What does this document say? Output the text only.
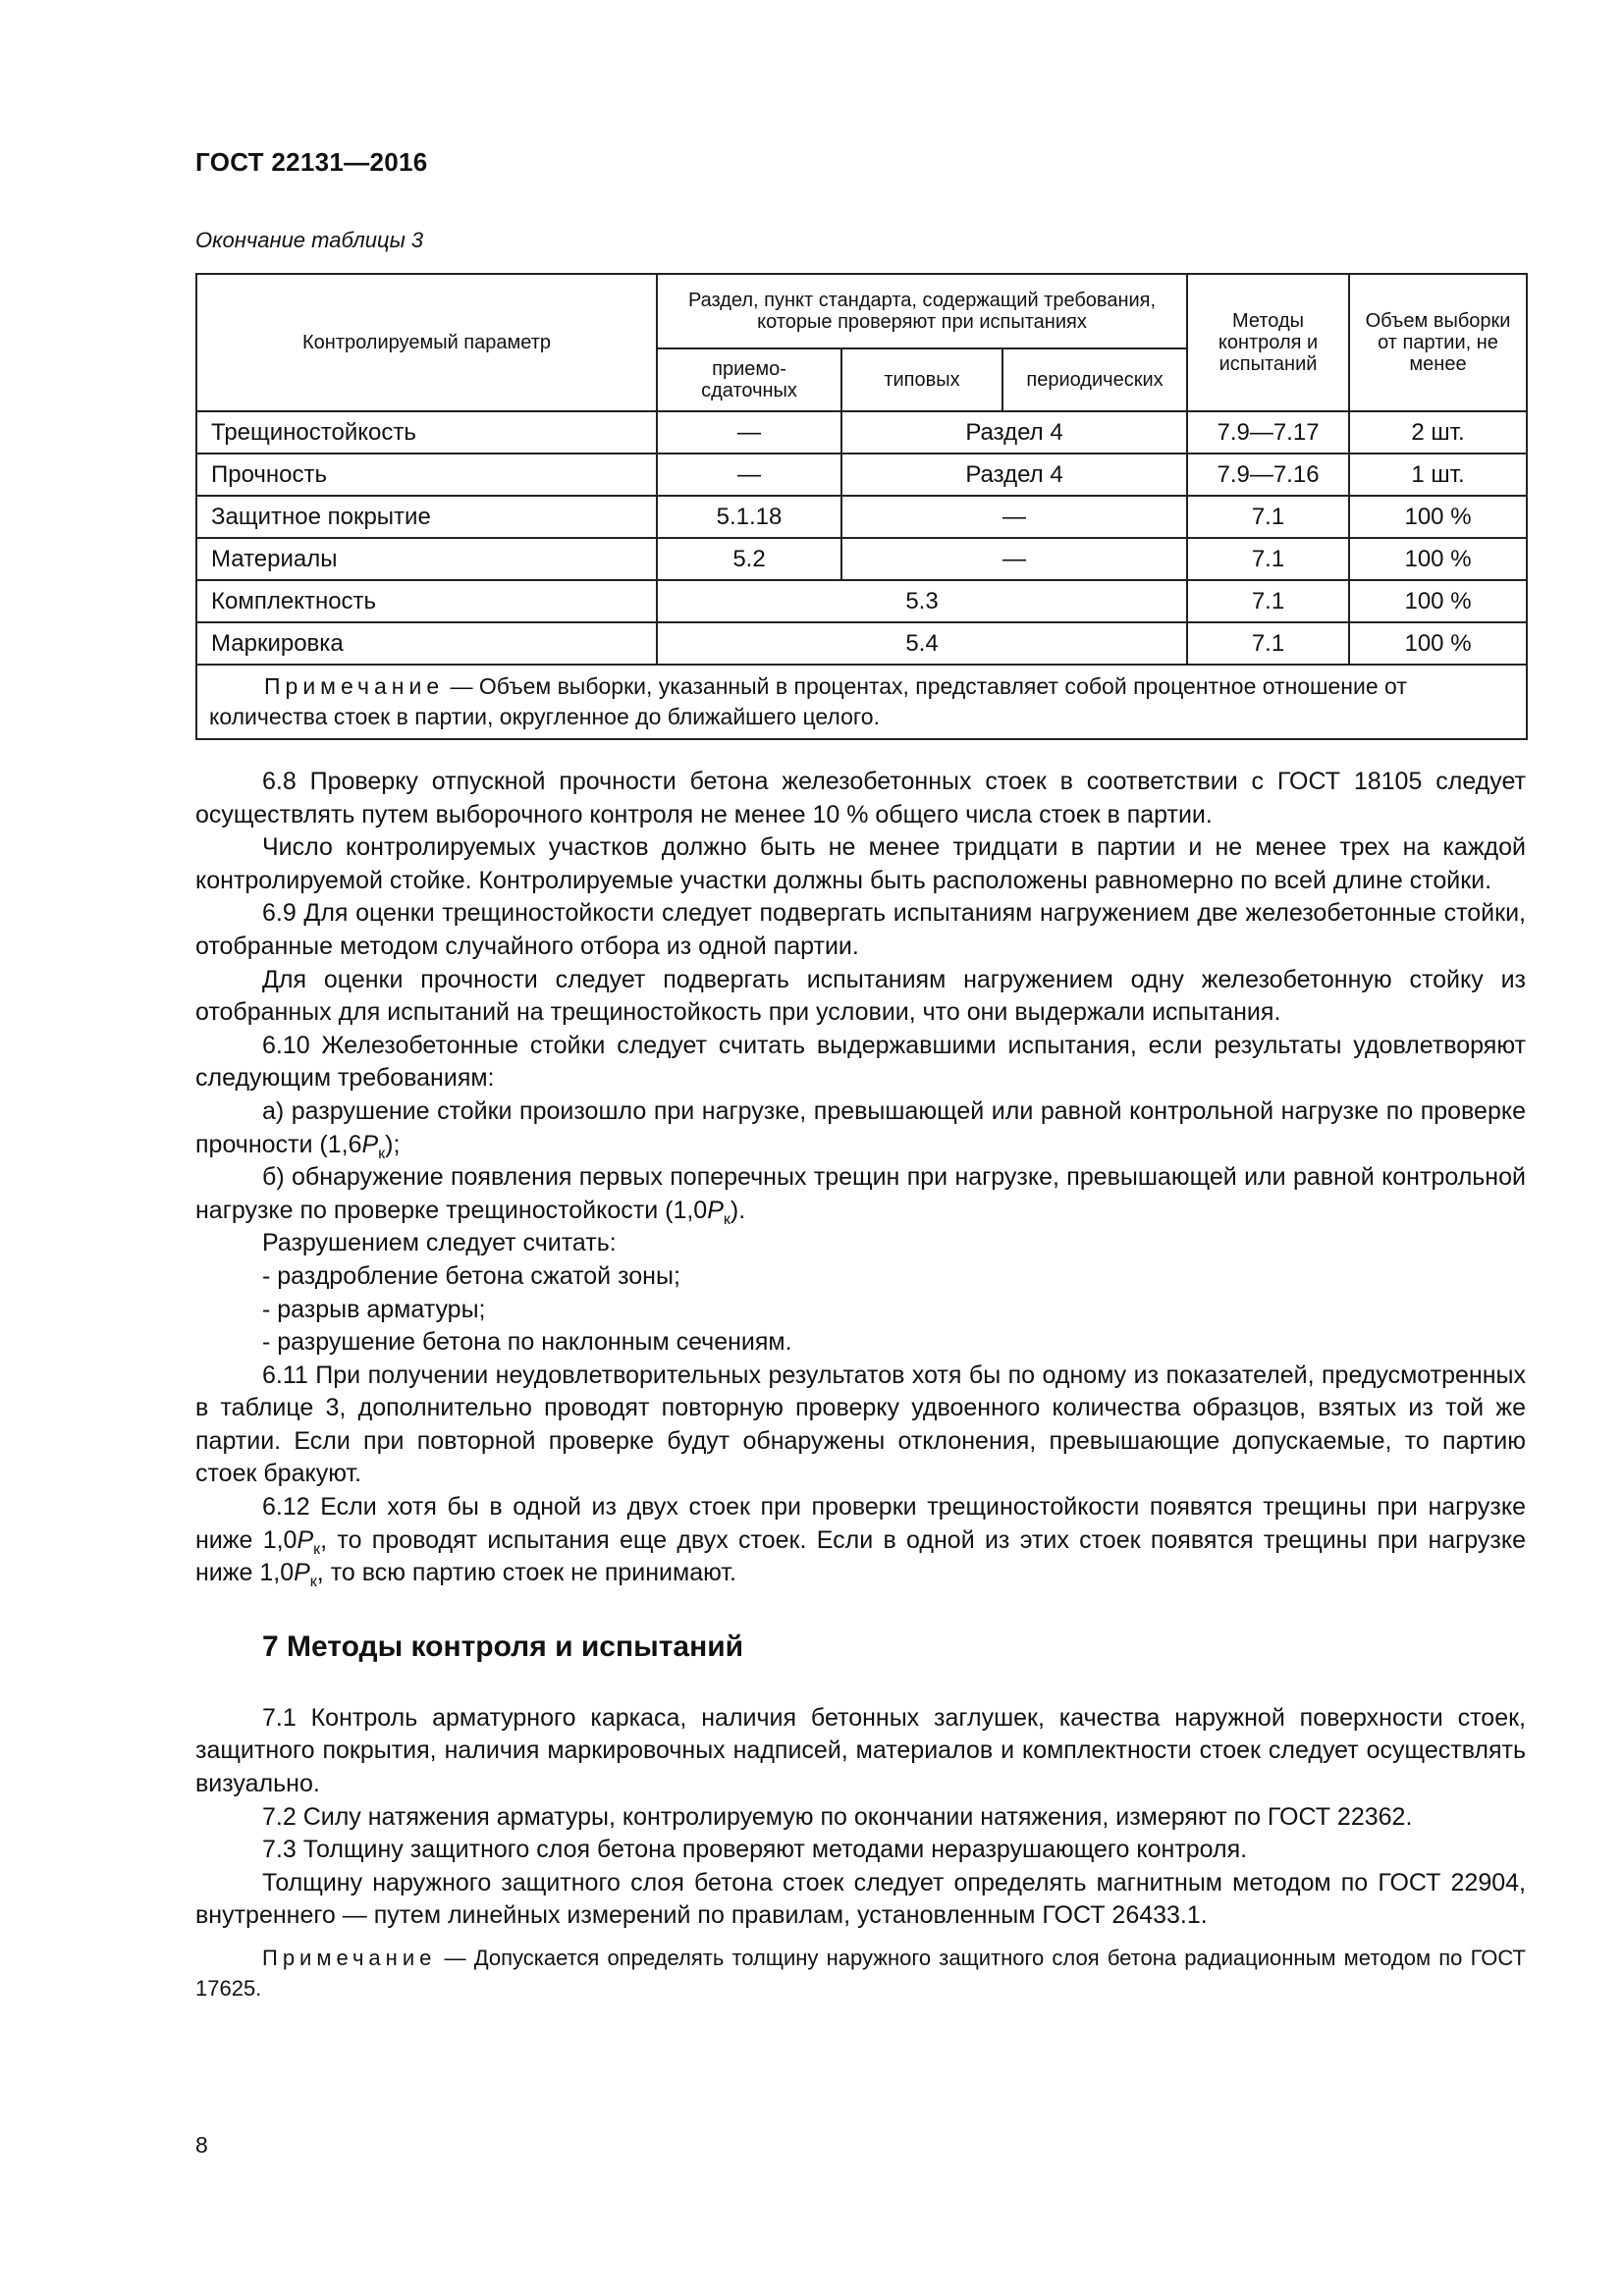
ГОСТ 22131—2016
Окончание таблицы 3
Контролируемый параметр	Раздел, пункт стандарта, содержащий требования, которые проверяют при испытаниях			Методы контроля и испытаний	Объем выборки от партии, не менее
	приемо-сдаточных	типовых	периодических		
Трещиностойкость	—	Раздел 4		7.9—7.17	2 шт.
Прочность	—	Раздел 4		7.9—7.16	1 шт.
Защитное покрытие	5.1.18	—		7.1	100 %
Материалы	5.2	—		7.1	100 %
Комплектность	5.3			7.1	100 %
Маркировка	5.4			7.1	100 %
Примечание — Объем выборки, указанный в процентах, представляет собой процентное отношение от количества стоек в партии, округленное до ближайшего целого.					

6.8 Проверку отпускной прочности бетона железобетонных стоек в соответствии с ГОСТ 18105 следует осуществлять путем выборочного контроля не менее 10 % общего числа стоек в партии.

Число контролируемых участков должно быть не менее тридцати в партии и не менее трех на каждой контролируемой стойке. Контролируемые участки должны быть расположены равномерно по всей длине стойки.

6.9 Для оценки трещиностойкости следует подвергать испытаниям нагружением две железобетонные стойки, отобранные методом случайного отбора из одной партии.

Для оценки прочности следует подвергать испытаниям нагружением одну железобетонную стойку из отобранных для испытаний на трещиностойкость при условии, что они выдержали испытания.

6.10 Железобетонные стойки следует считать выдержавшими испытания, если результаты удовлетворяют следующим требованиям:

а) разрушение стойки произошло при нагрузке, превышающей или равной контрольной нагрузке по проверке прочности $(1,6P_к)$;

б) обнаружение появления первых поперечных трещин при нагрузке, превышающей или равной контрольной нагрузке по проверке трещиностойкости $(1,0P_к)$.

Разрушением следует считать:

- раздробление бетона сжатой зоны;

- разрыв арматуры;

- разрушение бетона по наклонным сечениям.

6.11 При получении неудовлетворительных результатов хотя бы по одному из показателей, предусмотренных в таблице 3, дополнительно проводят повторную проверку удвоенного количества образцов, взятых из той же партии. Если при повторной проверке будут обнаружены отклонения, превышающие допускаемые, то партию стоек бракуют.

6.12 Если хотя бы в одной из двух стоек при проверки трещиностойкости появятся трещины при нагрузке ниже $1,0P_к$, то проводят испытания еще двух стоек. Если в одной из этих стоек появятся трещины при нагрузке ниже $1,0P_к$, то всю партию стоек не принимают.

7 Методы контроля и испытаний

7.1 Контроль арматурного каркаса, наличия бетонных заглушек, качества наружной поверхности стоек, защитного покрытия, наличия маркировочных надписей, материалов и комплектности стоек следует осуществлять визуально.

7.2 Силу натяжения арматуры, контролируемую по окончании натяжения, измеряют по ГОСТ 22362.

7.3 Толщину защитного слоя бетона проверяют методами неразрушающего контроля.

Толщину наружного защитного слоя бетона стоек следует определять магнитным методом по ГОСТ 22904, внутреннего — путем линейных измерений по правилам, установленным ГОСТ 26433.1.

Примечание — Допускается определять толщину наружного защитного слоя бетона радиационным методом по ГОСТ 17625.
8
